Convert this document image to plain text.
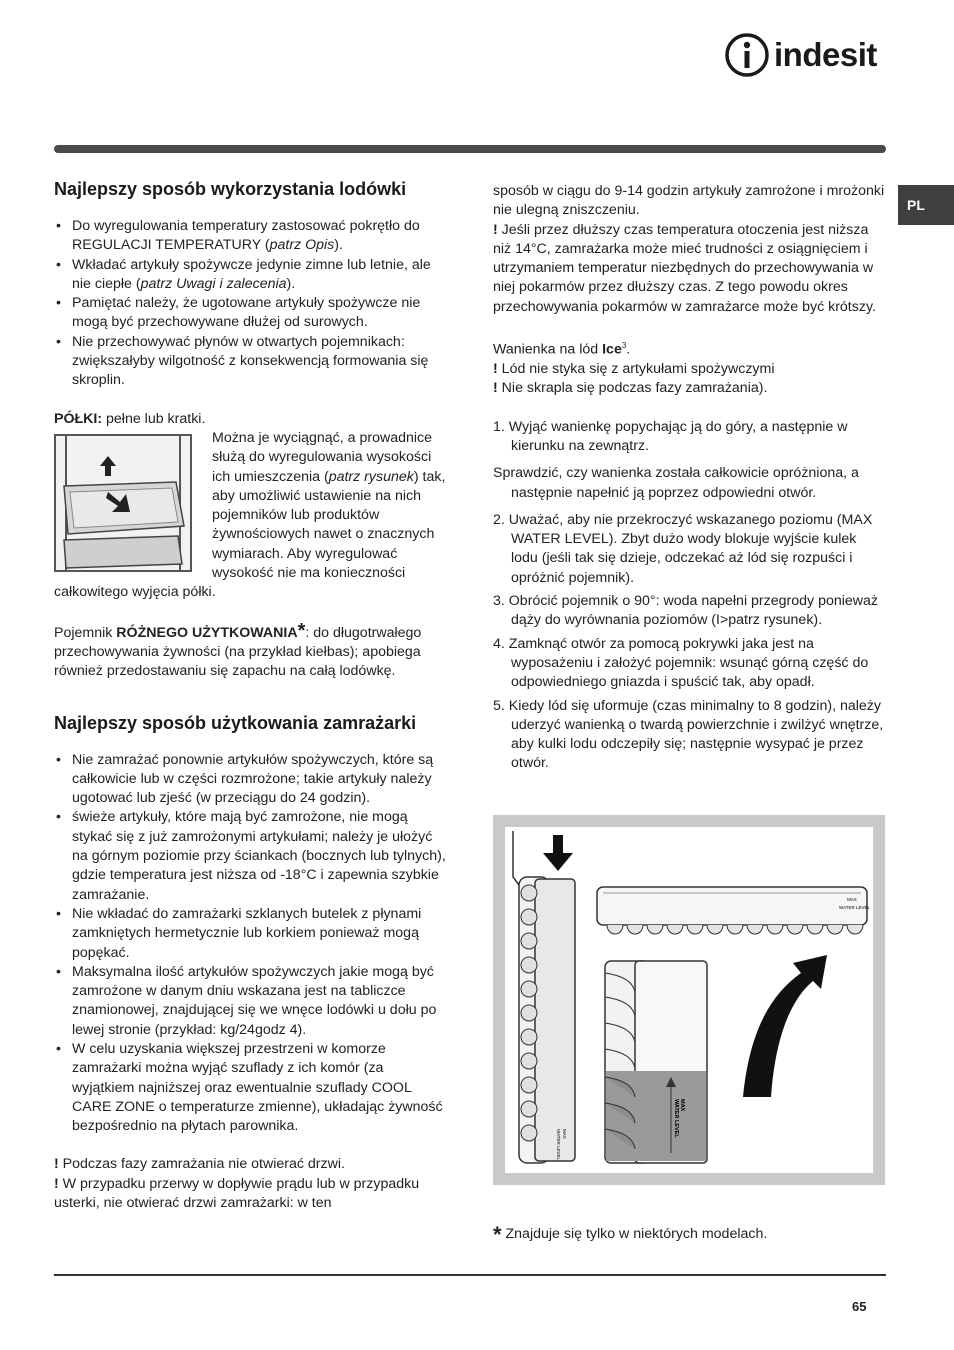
indesit
PL
Najlepszy sposób wykorzystania lodówki
• Do wyregulowania temperatury zastosować pokrętło do REGULACJI TEMPERATURY (patrz Opis).
• Wkładać artykuły spożywcze jedynie zimne lub letnie, ale nie ciepłe (patrz Uwagi i zalecenia).
• Pamiętać należy, że ugotowane artykuły spożywcze nie mogą być przechowywane dłużej od surowych.
• Nie przechowywać płynów w otwartych pojemnikach: zwiększałyby wilgotność z konsekwencją formowania się skroplin.

PÓŁKI: pełne lub kratki.

Można je wyciągnąć, a prowadnice służą do wyregulowania wysokości ich umieszczenia (patrz rysunek) tak, aby umożliwić ustawienie na nich pojemników lub produktów żywnościowych nawet o znacznych wymiarach. Aby wyregulować wysokość nie ma konieczności całkowitego wyjęcia półki.

Pojemnik RÓŻNEGO UŻYTKOWANIA*: do długotrwałego przechowywania żywności (na przykład kiełbas); apobiega również przedostawaniu się zapachu na całą lodówkę.

Najlepszy sposób użytkowania zamrażarki
• Nie zamrażać ponownie artykułów spożywczych, które są całkowicie lub w części rozmrożone; takie artykuły należy ugotować lub zjeść (w przeciągu do 24 godzin).
• świeże artykuły, które mają być zamrożone, nie mogą stykać się z już zamrożonymi artykułami; należy je ułożyć na górnym poziomie przy ściankach (bocznych lub tylnych), gdzie temperatura jest niższa od -18°C i zapewnia szybkie zamrażanie.
• Nie wkładać do zamrażarki szklanych butelek z płynami zamkniętych hermetycznie lub korkiem ponieważ mogą popękać.
• Maksymalna ilość artykułów spożywczych jakie mogą być zamrożone w danym dniu wskazana jest na tabliczce znamionowej, znajdującej się we wnęce lodówki u dołu po lewej stronie (przykład: kg/24godz 4).
• W celu uzyskania większej przestrzeni w komorze zamrażarki można wyjąć szuflady z ich komór (za wyjątkiem najniższej oraz ewentualnie szuflady COOL CARE ZONE o temperaturze zmienne), układając żywność bezpośrednio na płytach parownika.

! Podczas fazy zamrażania nie otwierać drzwi.

! W przypadku przerwy w dopływie prądu lub w przypadku usterki, nie otwierać drzwi zamrażarki: w ten

sposób w ciągu do 9-14 godzin artykuły zamrożone i mrożonki nie ulegną zniszczeniu.

! Jeśli przez dłuższy czas temperatura otoczenia jest niższa niż 14°C, zamrażarka może mieć trudności z osiągnięciem i utrzymaniem temperatur niezbędnych do przechowywania w niej pokarmów przez dłuższy czas. Z tego powodu okres przechowywania pokarmów w zamrażarce może być krótszy.

Wanienka na lód Ice$^3$.

! Lód nie styka się z artykułami spożywczymi

! Nie skrapla się podczas fazy zamrażania).

1. Wyjąć wanienkę popychając ją do góry, a następnie w kierunku na zewnątrz.

Sprawdzić, czy wanienka została całkowicie opróżniona, a następnie napełnić ją poprzez odpowiedni otwór.

2. Uważać, aby nie przekroczyć wskazanego poziomu (MAX WATER LEVEL). Zbyt dużo wody blokuje wyjście kulek lodu (jeśli tak się dzieje, odczekać aż lód się rozpuści i opróżnić pojemnik).
3. Obrócić pojemnik o 90°: woda napełni przegrody ponieważ dąży do wyrównania poziomów (I>patrz rysunek).
4. Zamknąć otwór za pomocą pokrywki jaka jest na wyposażeniu i założyć pojemnik: wsunąć górną część do odpowiedniego gniazda i spuścić tak, aby opadł.
5. Kiedy lód się uformuje (czas minimalny to 8 godzin), należy uderzyć wanienką o twardą powierzchnie i zwilżyć wnętrze, aby kulki lodu odczepiły się; następnie wysypać je przez otwór.
MAX
WATER LEVEL
MAX
WATER LEVEL
MAX
WATER LEVEL
* Znajduje się tylko w niektórych modelach.
65
